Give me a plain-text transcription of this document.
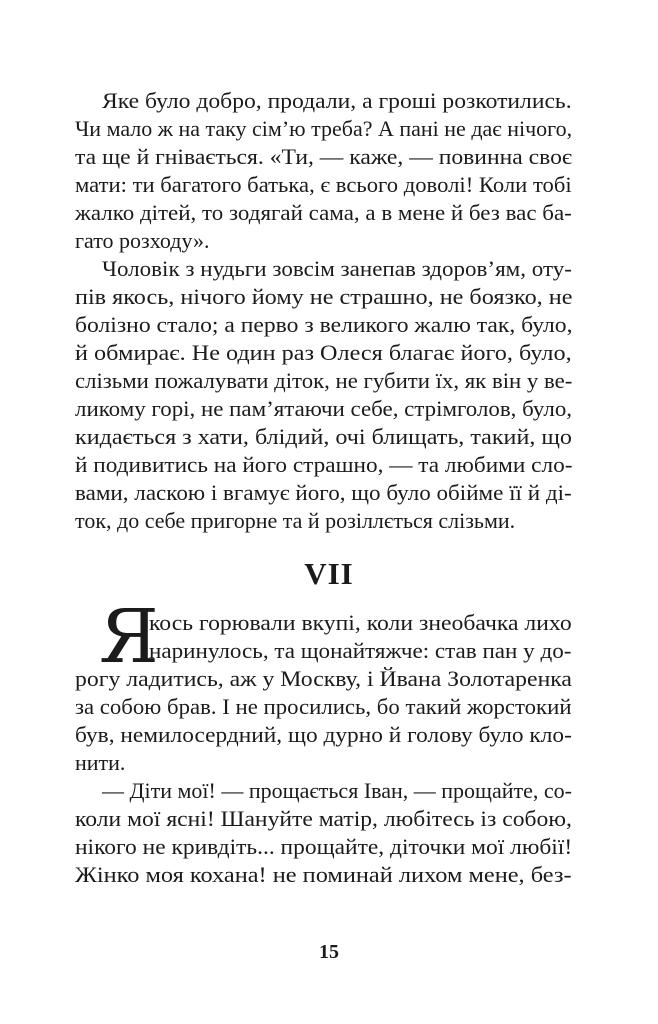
Яке було добро, продали, а гроші розкотились.
Чи мало ж на таку сім’ю треба? А пані не дає нічого,
та ще й гнівається. «Ти, — каже, — повинна своє
мати: ти багатого батька, є всього доволі! Коли тобі
жалко дітей, то зодягай сама, а в мене й без вас ба-
гато розходу».
Чоловік з нудьги зовсім занепав здоров’ям, оту-
пів якось, нічого йому не страшно, не боязко, не
болізно стало; а перво з великого жалю так, було,
й обмирає. Не один раз Олеся благає його, було,
слізьми пожалувати діток, не губити їх, як він у ве-
ликому горі, не пам’ятаючи себе, стрімголов, було,
кидається з хати, блідий, очі блищать, такий, що
й подивитись на його страшно, — та любими сло-
вами, ласкою і вгамує його, що було обійме її й ді-
ток, до себе пригорне та й розіллється слізьми.
VII
Я
кось горювали вкупі, коли знеобачка лихо
наринулось, та щонайтяжче: став пан у до-
рогу ладитись, аж у Москву, і Йвана Золотаренка
за собою брав. І не просились, бо такий жорстокий
був, немилосердний, що дурно й голову було кло-
нити.
— Діти мої! — прощається Іван, — прощайте, со-
коли мої ясні! Шануйте матір, любітесь із собою,
нікого не кривдіть... прощайте, діточки мої любії!
Жінко моя кохана! не поминай лихом мене, без-
15
